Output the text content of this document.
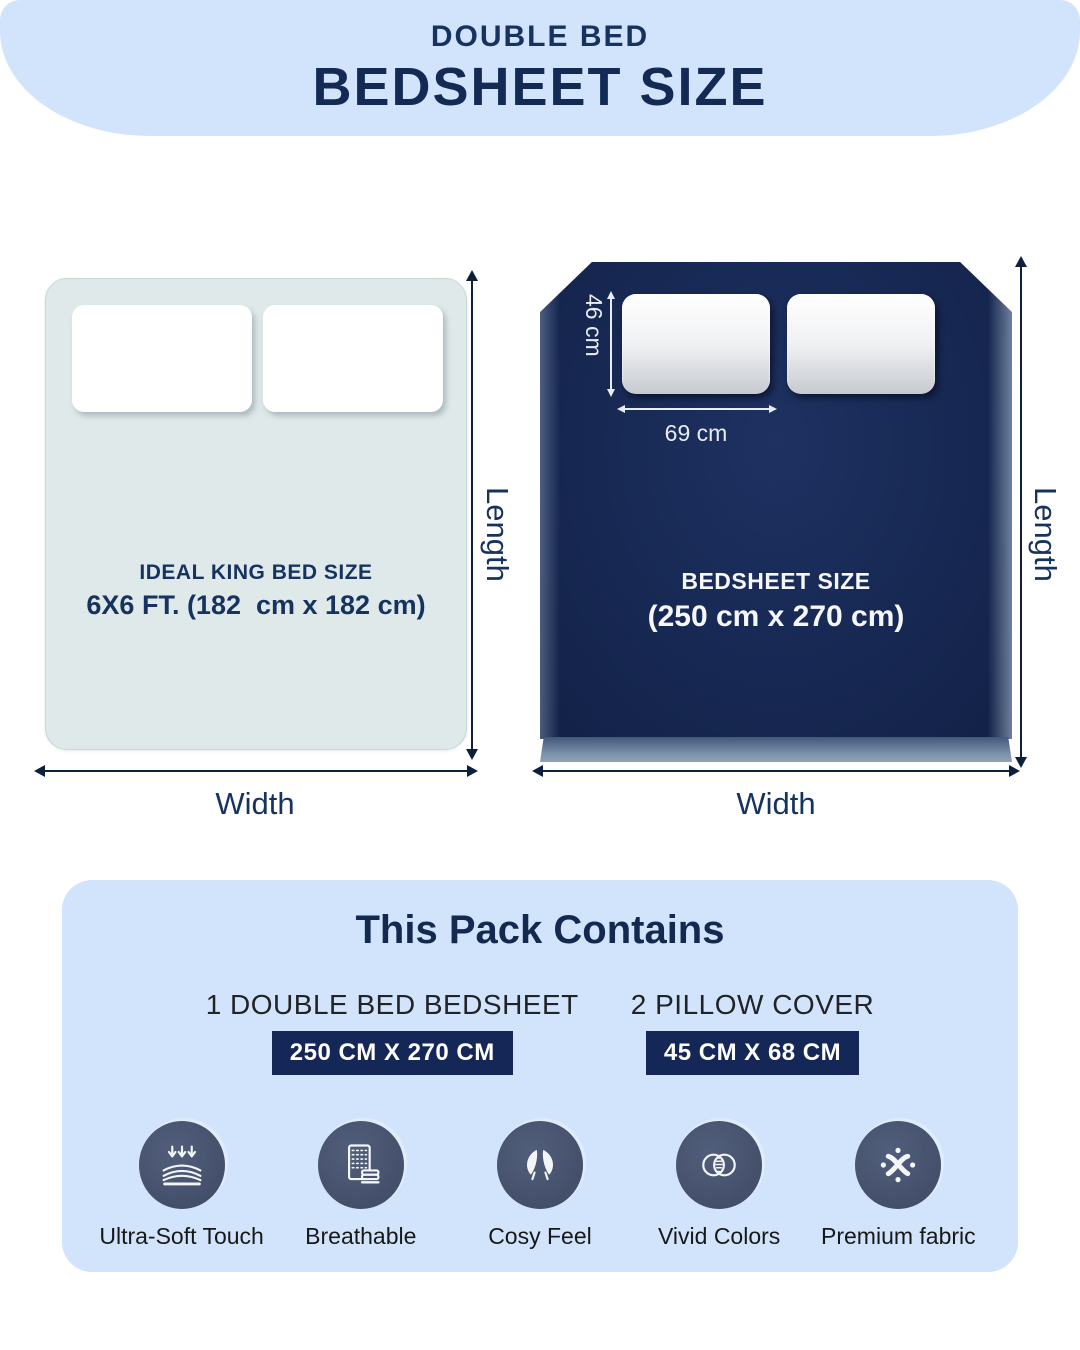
DOUBLE BED
BEDSHEET SIZE
IDEAL KING BED SIZE
6X6 FT. (182  cm x 182 cm)
Length
Width
46 cm
69 cm
BEDSHEET SIZE
(250 cm x 270 cm)
Length
Width
This Pack Contains
1 DOUBLE BED BEDSHEET
250 CM X 270 CM
2 PILLOW COVER
45 CM X 68 CM
Ultra-Soft Touch Breathable	Cosy Feel	Vivid Colors Premium fabric
